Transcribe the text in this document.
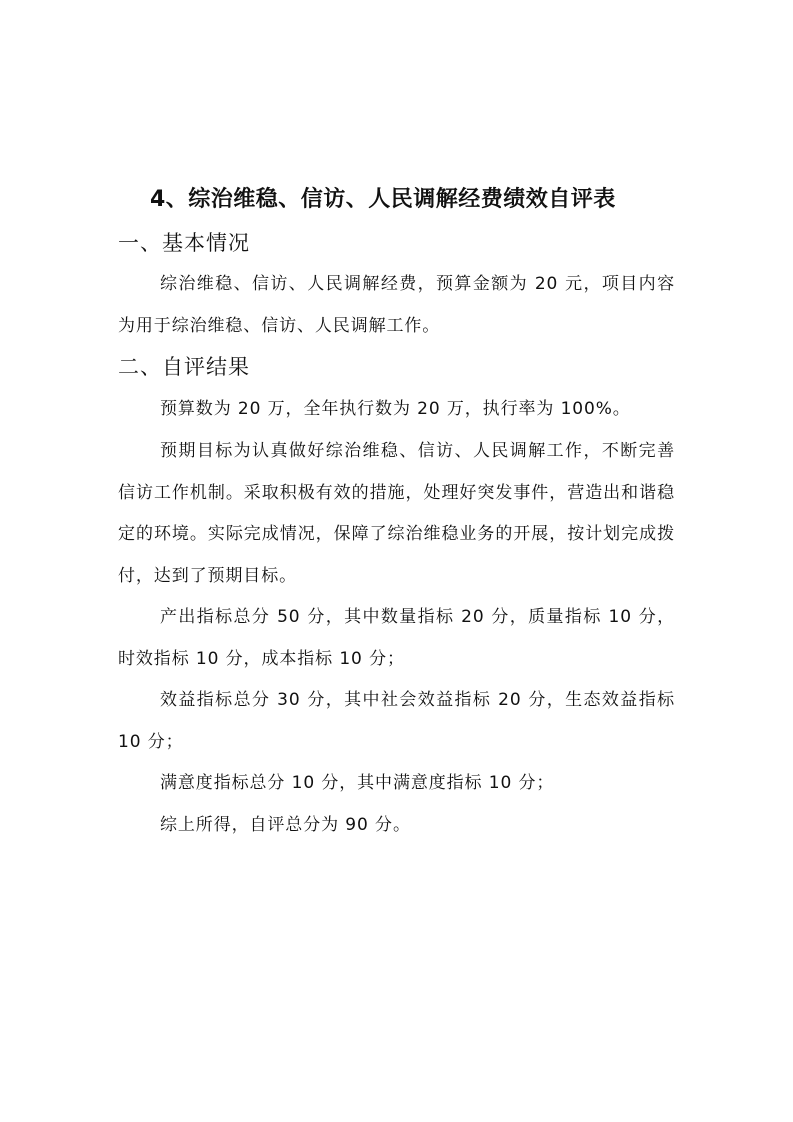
4、综治维稳、信访、人民调解经费绩效自评表
一、基本情况

综治维稳、信访、人民调解经费，预算金额为 20 元，项目内容为用于综治维稳、信访、人民调解工作。

二、自评结果

预算数为 20 万，全年执行数为 20 万，执行率为 100%。

预期目标为认真做好综治维稳、信访、人民调解工作，不断完善信访工作机制。采取积极有效的措施，处理好突发事件，营造出和谐稳定的环境。实际完成情况，保障了综治维稳业务的开展，按计划完成拨付，达到了预期目标。

产出指标总分 50 分，其中数量指标 20 分，质量指标 10 分，时效指标 10 分，成本指标 10 分；

效益指标总分 30 分，其中社会效益指标 20 分，生态效益指标 10 分；

满意度指标总分 10 分，其中满意度指标 10 分；

综上所得，自评总分为 90 分。
